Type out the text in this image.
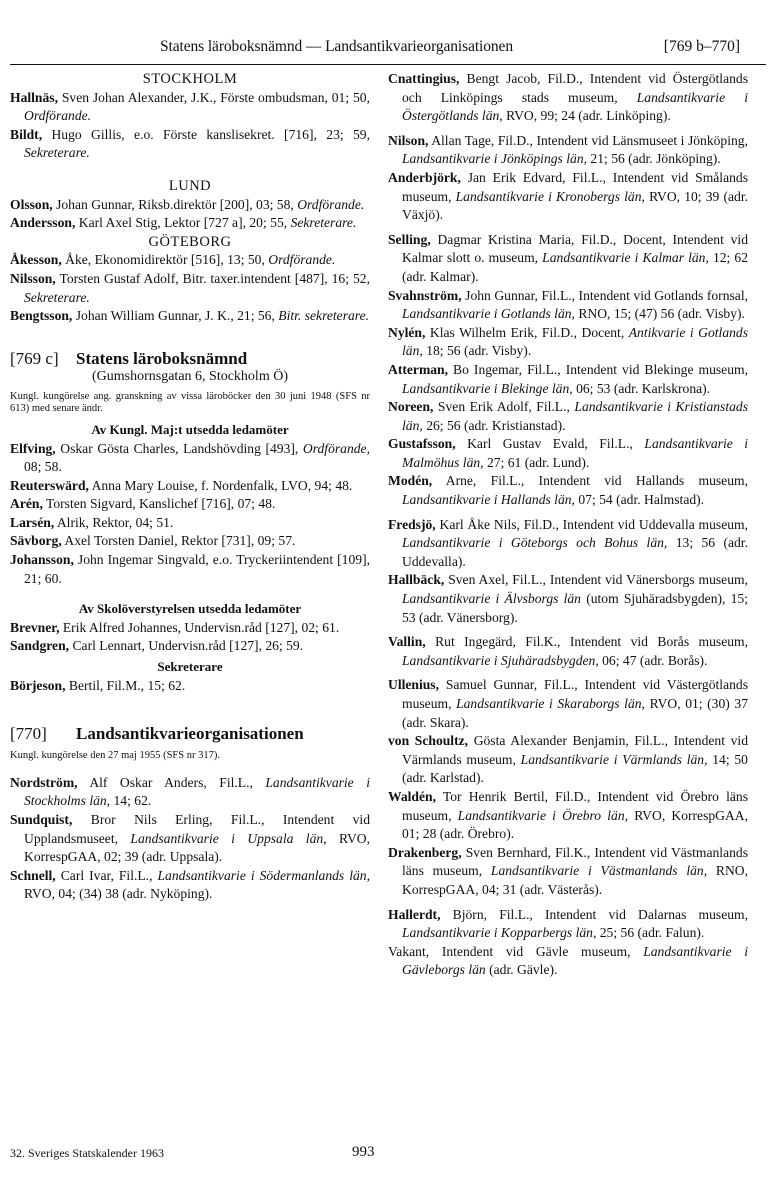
Statens läroboksnämnd — Landsantikvarieorganisationen	[769 b–770]

STOCKHOLM

Hallnäs, Sven Johan Alexander, J.K., Förste ombudsman, 01; 50, Ordförande.

Bildt, Hugo Gillis, e.o. Förste kanslisekret. [716], 23; 59, Sekreterare.

LUND

Olsson, Johan Gunnar, Riksb.direktör [200], 03; 58, Ordförande.

Andersson, Karl Axel Stig, Lektor [727 a], 20; 55, Sekreterare.

GÖTEBORG

Åkesson, Åke, Ekonomidirektör [516], 13; 50, Ordförande.

Nilsson, Torsten Gustaf Adolf, Bitr. taxer.intendent [487], 16; 52, Sekreterare.

Bengtsson, Johan William Gunnar, J. K., 21; 56, Bitr. sekreterare.

[769 c] Statens läroboksnämnd

(Gumshornsgatan 6, Stockholm Ö)

Kungl. kungörelse ang. granskning av vissa läroböcker den 30 juni 1948 (SFS nr 613) med senare ändr.

Av Kungl. Maj:t utsedda ledamöter

Elfving, Oskar Gösta Charles, Landshövding [493], Ordförande, 08; 58.

Reuterswärd, Anna Mary Louise, f. Nordenfalk, LVO, 94; 48.

Arén, Torsten Sigvard, Kanslichef [716], 07; 48.

Larsén, Alrik, Rektor, 04; 51.

Sävborg, Axel Torsten Daniel, Rektor [731], 09; 57.

Johansson, John Ingemar Singvald, e.o. Tryckeriintendent [109], 21; 60.

Av Skolöverstyrelsen utsedda ledamöter

Brevner, Erik Alfred Johannes, Undervisn.råd [127], 02; 61.

Sandgren, Carl Lennart, Undervisn.råd [127], 26; 59.

Sekreterare

Börjeson, Bertil, Fil.M., 15; 62.

[770] Landsantikvarieorganisationen

Kungl. kungörelse den 27 maj 1955 (SFS nr 317).

Nordström, Alf Oskar Anders, Fil.L., Landsantikvarie i Stockholms län, 14; 62.

Sundquist, Bror Nils Erling, Fil.L., Intendent vid Upplandsmuseet, Landsantikvarie i Uppsala län, RVO, KorrespGAA, 02; 39 (adr. Uppsala).

Schnell, Carl Ivar, Fil.L., Landsantikvarie i Södermanlands län, RVO, 04; (34) 38 (adr. Nyköping).

Cnattingius, Bengt Jacob, Fil.D., Intendent vid Östergötlands och Linköpings stads museum, Landsantikvarie i Östergötlands län, RVO, 99; 24 (adr. Linköping).

Nilson, Allan Tage, Fil.D., Intendent vid Länsmuseet i Jönköping, Landsantikvarie i Jönköpings län, 21; 56 (adr. Jönköping).

Anderbjörk, Jan Erik Edvard, Fil.L., Intendent vid Smålands museum, Landsantikvarie i Kronobergs län, RVO, 10; 39 (adr. Växjö).

Selling, Dagmar Kristina Maria, Fil.D., Docent, Intendent vid Kalmar slott o. museum, Landsantikvarie i Kalmar län, 12; 62 (adr. Kalmar).

Svahnström, John Gunnar, Fil.L., Intendent vid Gotlands fornsal, Landsantikvarie i Gotlands län, RNO, 15; (47) 56 (adr. Visby).

Nylén, Klas Wilhelm Erik, Fil.D., Docent, Antikvarie i Gotlands län, 18; 56 (adr. Visby).

Atterman, Bo Ingemar, Fil.L., Intendent vid Blekinge museum, Landsantikvarie i Blekinge län, 06; 53 (adr. Karlskrona).

Noreen, Sven Erik Adolf, Fil.L., Landsantikvarie i Kristianstads län, 26; 56 (adr. Kristianstad).

Gustafsson, Karl Gustav Evald, Fil.L., Landsantikvarie i Malmöhus län, 27; 61 (adr. Lund).

Modén, Arne, Fil.L., Intendent vid Hallands museum, Landsantikvarie i Hallands län, 07; 54 (adr. Halmstad).

Fredsjö, Karl Åke Nils, Fil.D., Intendent vid Uddevalla museum, Landsantikvarie i Göteborgs och Bohus län, 13; 56 (adr. Uddevalla).

Hallbäck, Sven Axel, Fil.L., Intendent vid Vänersborgs museum, Landsantikvarie i Älvsborgs län (utom Sjuhäradsbygden), 15; 53 (adr. Vänersborg).

Vallin, Rut Ingegärd, Fil.K., Intendent vid Borås museum, Landsantikvarie i Sjuhäradsbygden, 06; 47 (adr. Borås).

Ullenius, Samuel Gunnar, Fil.L., Intendent vid Västergötlands museum, Landsantikvarie i Skaraborgs län, RVO, 01; (30) 37 (adr. Skara).

von Schoultz, Gösta Alexander Benjamin, Fil.L., Intendent vid Värmlands museum, Landsantikvarie i Värmlands län, 14; 50 (adr. Karlstad).

Waldén, Tor Henrik Bertil, Fil.D., Intendent vid Örebro läns museum, Landsantikvarie i Örebro län, RVO, KorrespGAA, 01; 28 (adr. Örebro).

Drakenberg, Sven Bernhard, Fil.K., Intendent vid Västmanlands läns museum, Landsantikvarie i Västmanlands län, RNO, KorrespGAA, 04; 31 (adr. Västerås).

Hallerdt, Björn, Fil.L., Intendent vid Dalarnas museum, Landsantikvarie i Kopparbergs län, 25; 56 (adr. Falun).

Vakant, Intendent vid Gävle museum, Landsantikvarie i Gävleborgs län (adr. Gävle).

32. Sveriges Statskalender 1963	993
